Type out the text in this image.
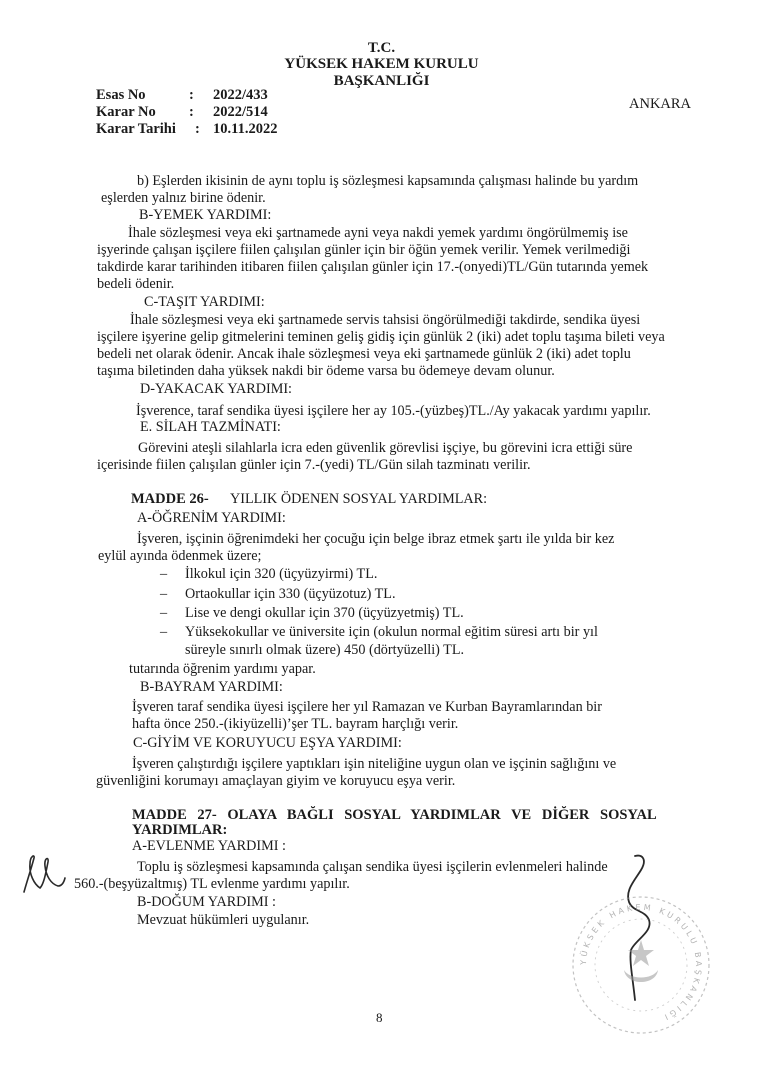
T.C.
YÜKSEK HAKEM KURULU
BAŞKANLIĞI
Esas No	: 2022/433
Karar No : 2022/514
Karar Tarihi : 10.11.2022
ANKARA
b) Eşlerden ikisinin de aynı toplu iş sözleşmesi kapsamında çalışması halinde bu yardım
eşlerden yalnız birine ödenir.
B-YEMEK YARDIMI:
İhale sözleşmesi veya eki şartnamede ayni veya nakdi yemek yardımı öngörülmemiş ise
işyerinde çalışan işçilere fiilen çalışılan günler için bir öğün yemek verilir. Yemek verilmediği
takdirde karar tarihinden itibaren fiilen çalışılan günler için 17.-(onyedi)TL/Gün tutarında yemek
bedeli ödenir.
C-TAŞIT YARDIMI:
İhale sözleşmesi veya eki şartnamede servis tahsisi öngörülmediği takdirde, sendika üyesi
işçilere işyerine gelip gitmelerini teminen geliş gidiş için günlük 2 (iki) adet toplu taşıma bileti veya
bedeli net olarak ödenir. Ancak ihale sözleşmesi veya eki şartnamede günlük 2 (iki) adet toplu
taşıma biletinden daha yüksek nakdi bir ödeme varsa bu ödemeye devam olunur.
D-YAKACAK YARDIMI:
İşverence, taraf sendika üyesi işçilere her ay 105.-(yüzbeş)TL./Ay yakacak yardımı yapılır.
E. SİLAH TAZMİNATI:
Görevini ateşli silahlarla icra eden güvenlik görevlisi işçiye, bu görevini icra ettiği süre
içerisinde fiilen çalışılan günler için 7.-(yedi) TL/Gün silah tazminatı verilir.
MADDE 26- YILLIK ÖDENEN SOSYAL YARDIMLAR:
A-ÖĞRENİM YARDIMI:
İşveren, işçinin öğrenimdeki her çocuğu için belge ibraz etmek şartı ile yılda bir kez
eylül ayında ödenmek üzere;
– İlkokul için 320 (üçyüzyirmi) TL.
– Ortaokullar için 330 (üçyüzotuz) TL.
– Lise ve dengi okullar için 370 (üçyüzyetmiş) TL.
– Yüksekokullar ve üniversite için (okulun normal eğitim süresi artı bir yıl
süreyle sınırlı olmak üzere) 450 (dörtyüzelli) TL.
tutarında öğrenim yardımı yapar.
B-BAYRAM YARDIMI:
İşveren taraf sendika üyesi işçilere her yıl Ramazan ve Kurban Bayramlarından bir
hafta önce 250.-(ikiyüzelli)’şer TL. bayram harçlığı verir.
C-GİYİM VE KORUYUCU EŞYA YARDIMI:
İşveren çalıştırdığı işçilere yaptıkları işin niteliğine uygun olan ve işçinin sağlığını ve
güvenliğini korumayı amaçlayan giyim ve koruyucu eşya verir.
MADDE 27- OLAYA BAĞLI SOSYAL YARDIMLAR VE DİĞER SOSYAL
YARDIMLAR:
A-EVLENME YARDIMI :
Toplu iş sözleşmesi kapsamında çalışan sendika üyesi işçilerin evlenmeleri halinde
560.-(beşyüzaltmış) TL evlenme yardımı yapılır.
B-DOĞUM YARDIMI :
Mevzuat hükümleri uygulanır.
8
YÜKSEK HAKEM KURULU BAŞKANLIĞI
